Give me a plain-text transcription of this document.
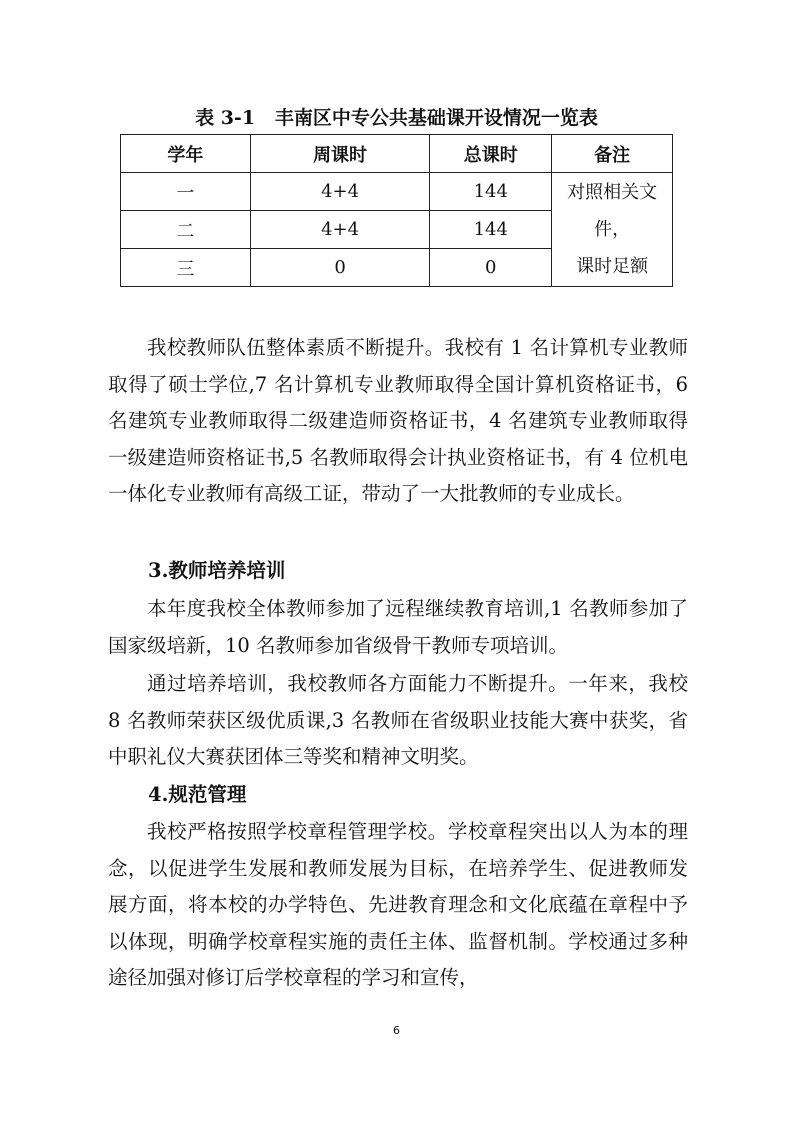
表 3-1   丰南区中专公共基础课开设情况一览表
学年	周课时	总课时	备注
一	4+4	144	对照相关文
件，
课时足额

二	4+4	144	
三	0	0	

我校教师队伍整体素质不断提升。我校有 1 名计算机专业教师取得了硕士学位,7 名计算机专业教师取得全国计算机资格证书，6 名建筑专业教师取得二级建造师资格证书，4 名建筑专业教师取得一级建造师资格证书,5 名教师取得会计执业资格证书，有 4 位机电一体化专业教师有高级工证，带动了一大批教师的专业成长。

3.教师培养培训

本年度我校全体教师参加了远程继续教育培训,1 名教师参加了国家级培新，10 名教师参加省级骨干教师专项培训。

通过培养培训，我校教师各方面能力不断提升。一年来，我校 8 名教师荣获区级优质课,3 名教师在省级职业技能大赛中获奖，省中职礼仪大赛获团体三等奖和精神文明奖。

4.规范管理

我校严格按照学校章程管理学校。学校章程突出以人为本的理念，以促进学生发展和教师发展为目标，在培养学生、促进教师发展方面，将本校的办学特色、先进教育理念和文化底蕴在章程中予以体现，明确学校章程实施的责任主体、监督机制。学校通过多种途径加强对修订后学校章程的学习和宣传，

6
